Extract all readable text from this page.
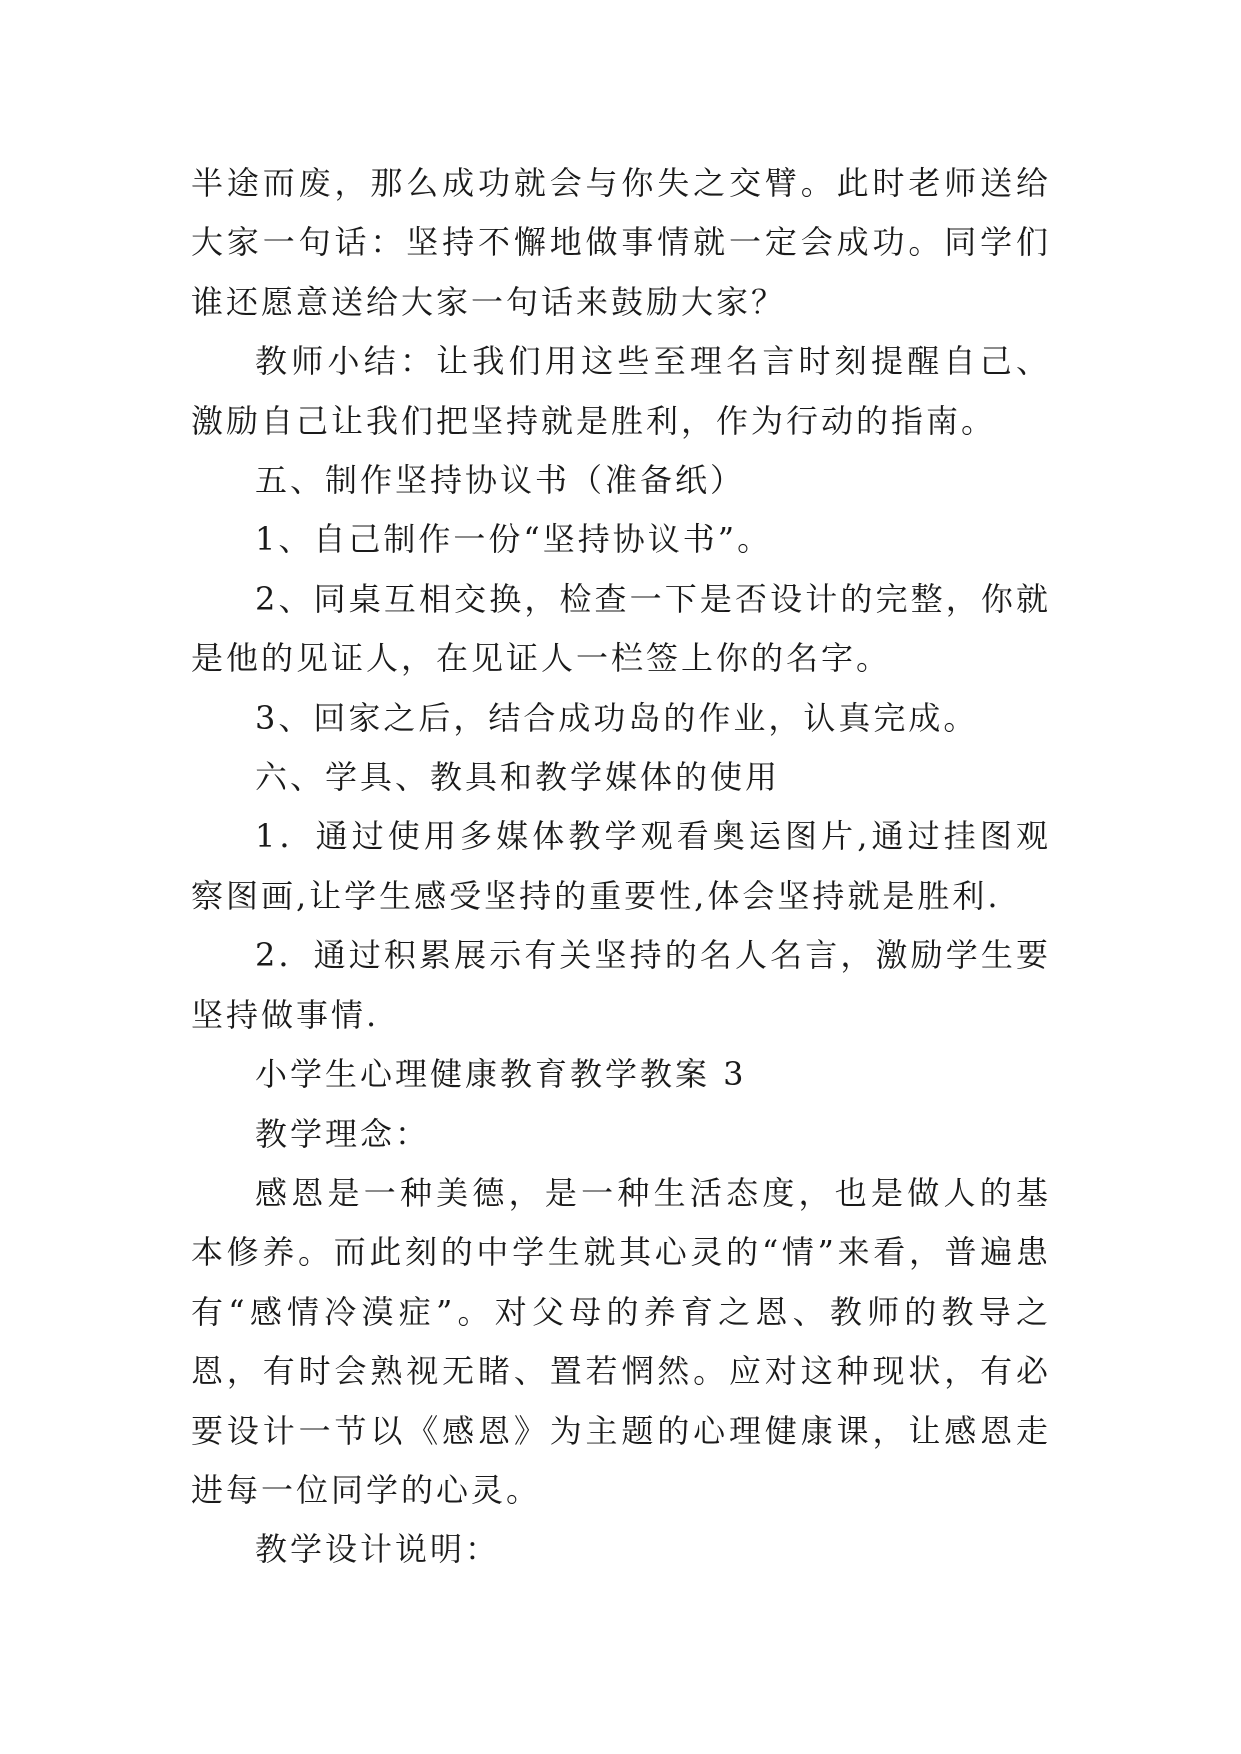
半途而废，那么成功就会与你失之交臂。此时老师送给大家一句话：坚持不懈地做事情就一定会成功。同学们谁还愿意送给大家一句话来鼓励大家？

教师小结：让我们用这些至理名言时刻提醒自己、激励自己让我们把坚持就是胜利，作为行动的指南。

五、制作坚持协议书（准备纸）

1、自己制作一份“坚持协议书”。

2、同桌互相交换，检查一下是否设计的完整，你就是他的见证人，在见证人一栏签上你的名字。

3、回家之后，结合成功岛的作业，认真完成。

六、学具、教具和教学媒体的使用

1．通过使用多媒体教学观看奥运图片,通过挂图观察图画,让学生感受坚持的重要性,体会坚持就是胜利.

2．通过积累展示有关坚持的名人名言，激励学生要坚持做事情.

小学生心理健康教育教学教案 3

教学理念：

感恩是一种美德，是一种生活态度，也是做人的基本修养。而此刻的中学生就其心灵的“情”来看，普遍患有“感情冷漠症”。对父母的养育之恩、教师的教导之恩，有时会熟视无睹、置若惘然。应对这种现状，有必要设计一节以《感恩》为主题的心理健康课，让感恩走进每一位同学的心灵。

教学设计说明：
